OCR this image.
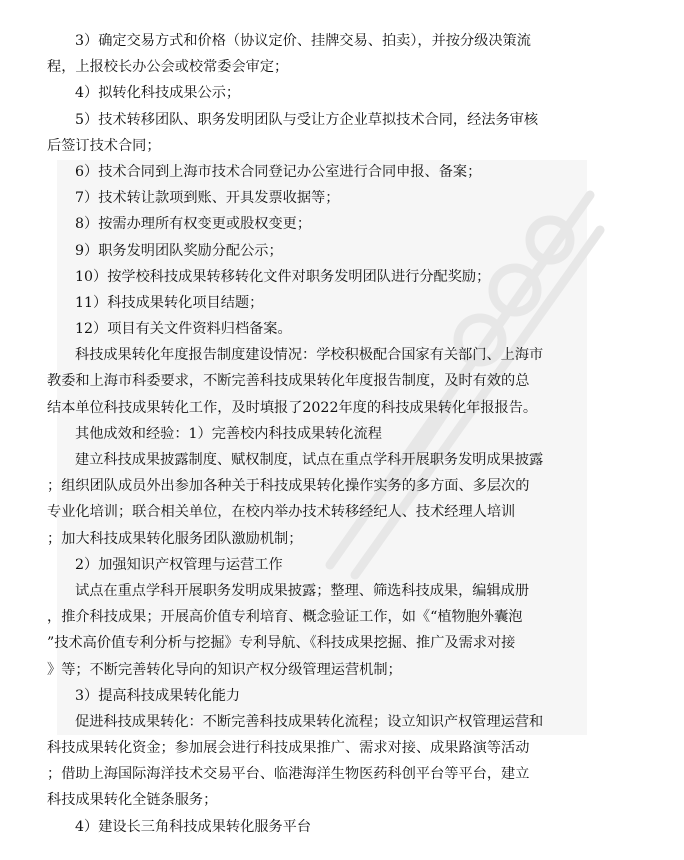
3）确定交易方式和价格（协议定价、挂牌交易、拍卖），并按分级决策流
程，上报校长办公会或校常委会审定；
4）拟转化科技成果公示；
5）技术转移团队、职务发明团队与受让方企业草拟技术合同，经法务审核
后签订技术合同；
6）技术合同到上海市技术合同登记办公室进行合同申报、备案；
7）技术转让款项到账、开具发票收据等；
8）按需办理所有权变更或股权变更；
9）职务发明团队奖励分配公示；
10）按学校科技成果转移转化文件对职务发明团队进行分配奖励；
11）科技成果转化项目结题；
12）项目有关文件资料归档备案。
科技成果转化年度报告制度建设情况：学校积极配合国家有关部门、上海市
教委和上海市科委要求，不断完善科技成果转化年度报告制度，及时有效的总
结本单位科技成果转化工作，及时填报了2022年度的科技成果转化年报报告。
其他成效和经验：1）完善校内科技成果转化流程
建立科技成果披露制度、赋权制度，试点在重点学科开展职务发明成果披露
；组织团队成员外出参加各种关于科技成果转化操作实务的多方面、多层次的
专业化培训；联合相关单位，在校内举办技术转移经纪人、技术经理人培训
；加大科技成果转化服务团队激励机制；
2）加强知识产权管理与运营工作
试点在重点学科开展职务发明成果披露；整理、筛选科技成果，编辑成册
，推介科技成果；开展高价值专利培育、概念验证工作，如《“植物胞外囊泡
”技术高价值专利分析与挖掘》专利导航、《科技成果挖掘、推广及需求对接
》等；不断完善转化导向的知识产权分级管理运营机制；
3）提高科技成果转化能力
促进科技成果转化：不断完善科技成果转化流程；设立知识产权管理运营和
科技成果转化资金；参加展会进行科技成果推广、需求对接、成果路演等活动
；借助上海国际海洋技术交易平台、临港海洋生物医药科创平台等平台，建立
科技成果转化全链条服务；
4）建设长三角科技成果转化服务平台
